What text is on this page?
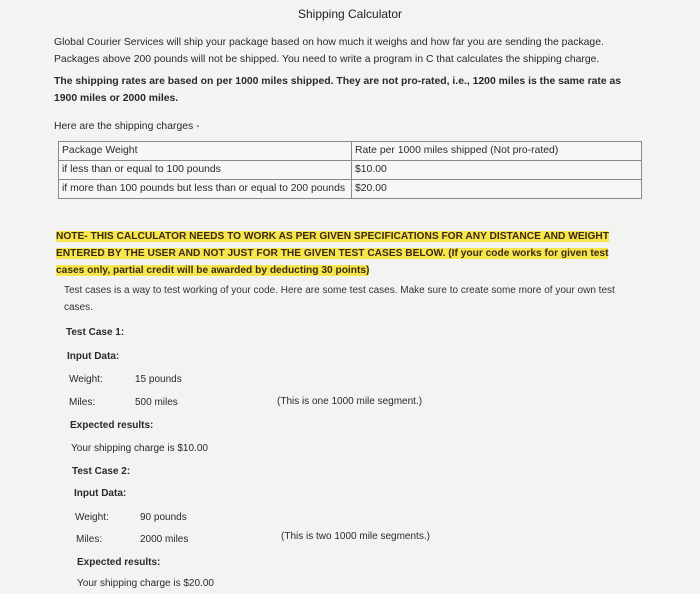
Shipping Calculator
Global Courier Services will ship your package based on how much it weighs and how far you are sending the package. Packages above 200 pounds will not be shipped. You need to write a program in C that calculates the shipping charge.
The shipping rates are based on per 1000 miles shipped. They are not pro-rated, i.e., 1200 miles is the same rate as 1900 miles or 2000 miles.
Here are the shipping charges -
Package Weight	Rate per 1000 miles shipped (Not pro-rated)
if less than or equal to 100 pounds	$10.00
if more than 100 pounds but less than or equal to 200 pounds	$20.00
NOTE- THIS CALCULATOR NEEDS TO WORK AS PER GIVEN SPECIFICATIONS FOR ANY DISTANCE AND WEIGHT ENTERED BY THE USER AND NOT JUST FOR THE GIVEN TEST CASES BELOW. (If your code works for given test cases only, partial credit will be awarded by deducting 30 points)
Test cases is a way to test working of your code. Here are some test cases. Make sure to create some more of your own test cases.
Test Case 1:
Input Data:
Weight:	15 pounds
Miles:	500 miles	(This is one 1000 mile segment.)
Expected results:
Your shipping charge is $10.00
Test Case 2:
Input Data:
Weight:	90 pounds
Miles:	2000 miles	(This is two 1000 mile segments.)
Expected results:
Your shipping charge is $20.00
